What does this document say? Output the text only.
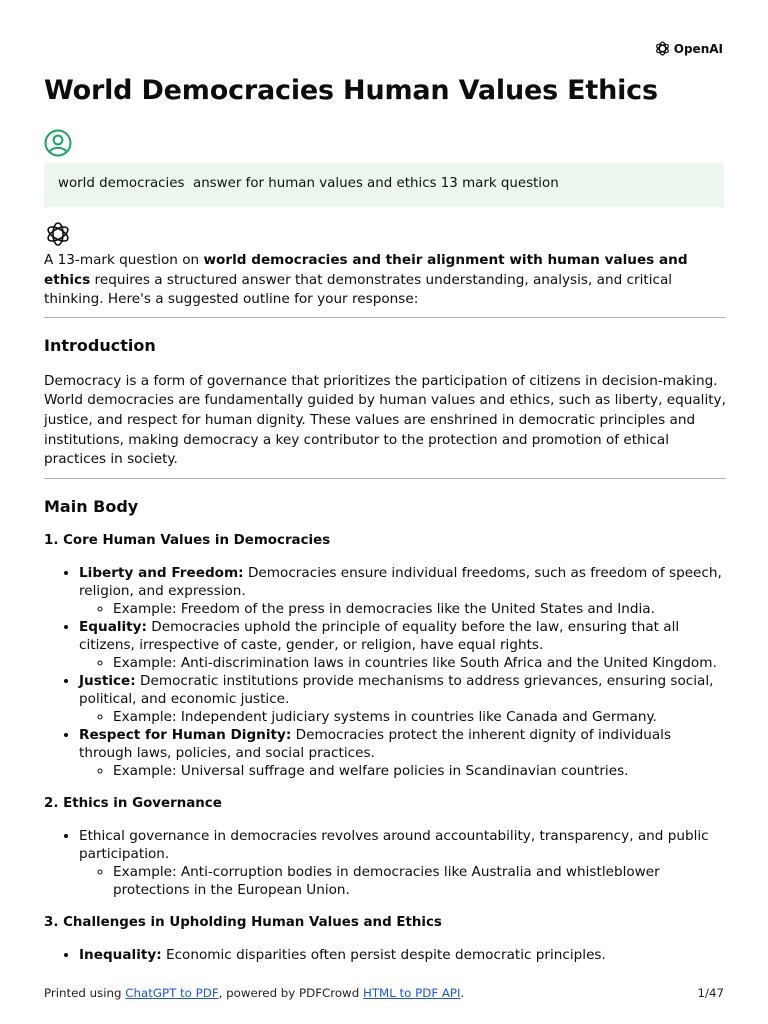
OpenAI
World Democracies Human Values Ethics
world democracies  answer for human values and ethics 13 mark question

A 13-mark question on world democracies and their alignment with human values and ethics requires a structured answer that demonstrates understanding, analysis, and critical thinking. Here's a suggested outline for your response:

Introduction

Democracy is a form of governance that prioritizes the participation of citizens in decision-making. World democracies are fundamentally guided by human values and ethics, such as liberty, equality, justice, and respect for human dignity. These values are enshrined in democratic principles and institutions, making democracy a key contributor to the protection and promotion of ethical practices in society.

Main Body
1. Core Human Values in Democracies
• Liberty and Freedom: Democracies ensure individual freedoms, such as freedom of speech, religion, and expression.
◦ Example: Freedom of the press in democracies like the United States and India.
• Equality: Democracies uphold the principle of equality before the law, ensuring that all citizens, irrespective of caste, gender, or religion, have equal rights.
◦ Example: Anti-discrimination laws in countries like South Africa and the United Kingdom.
• Justice: Democratic institutions provide mechanisms to address grievances, ensuring social, political, and economic justice.
◦ Example: Independent judiciary systems in countries like Canada and Germany.
• Respect for Human Dignity: Democracies protect the inherent dignity of individuals through laws, policies, and social practices.
◦ Example: Universal suffrage and welfare policies in Scandinavian countries.
2. Ethics in Governance
• Ethical governance in democracies revolves around accountability, transparency, and public participation.
◦ Example: Anti-corruption bodies in democracies like Australia and whistleblower protections in the European Union.
3. Challenges in Upholding Human Values and Ethics
• Inequality: Economic disparities often persist despite democratic principles.
Printed using ChatGPT to PDF, powered by PDFCrowd HTML to PDF API.	1/47
